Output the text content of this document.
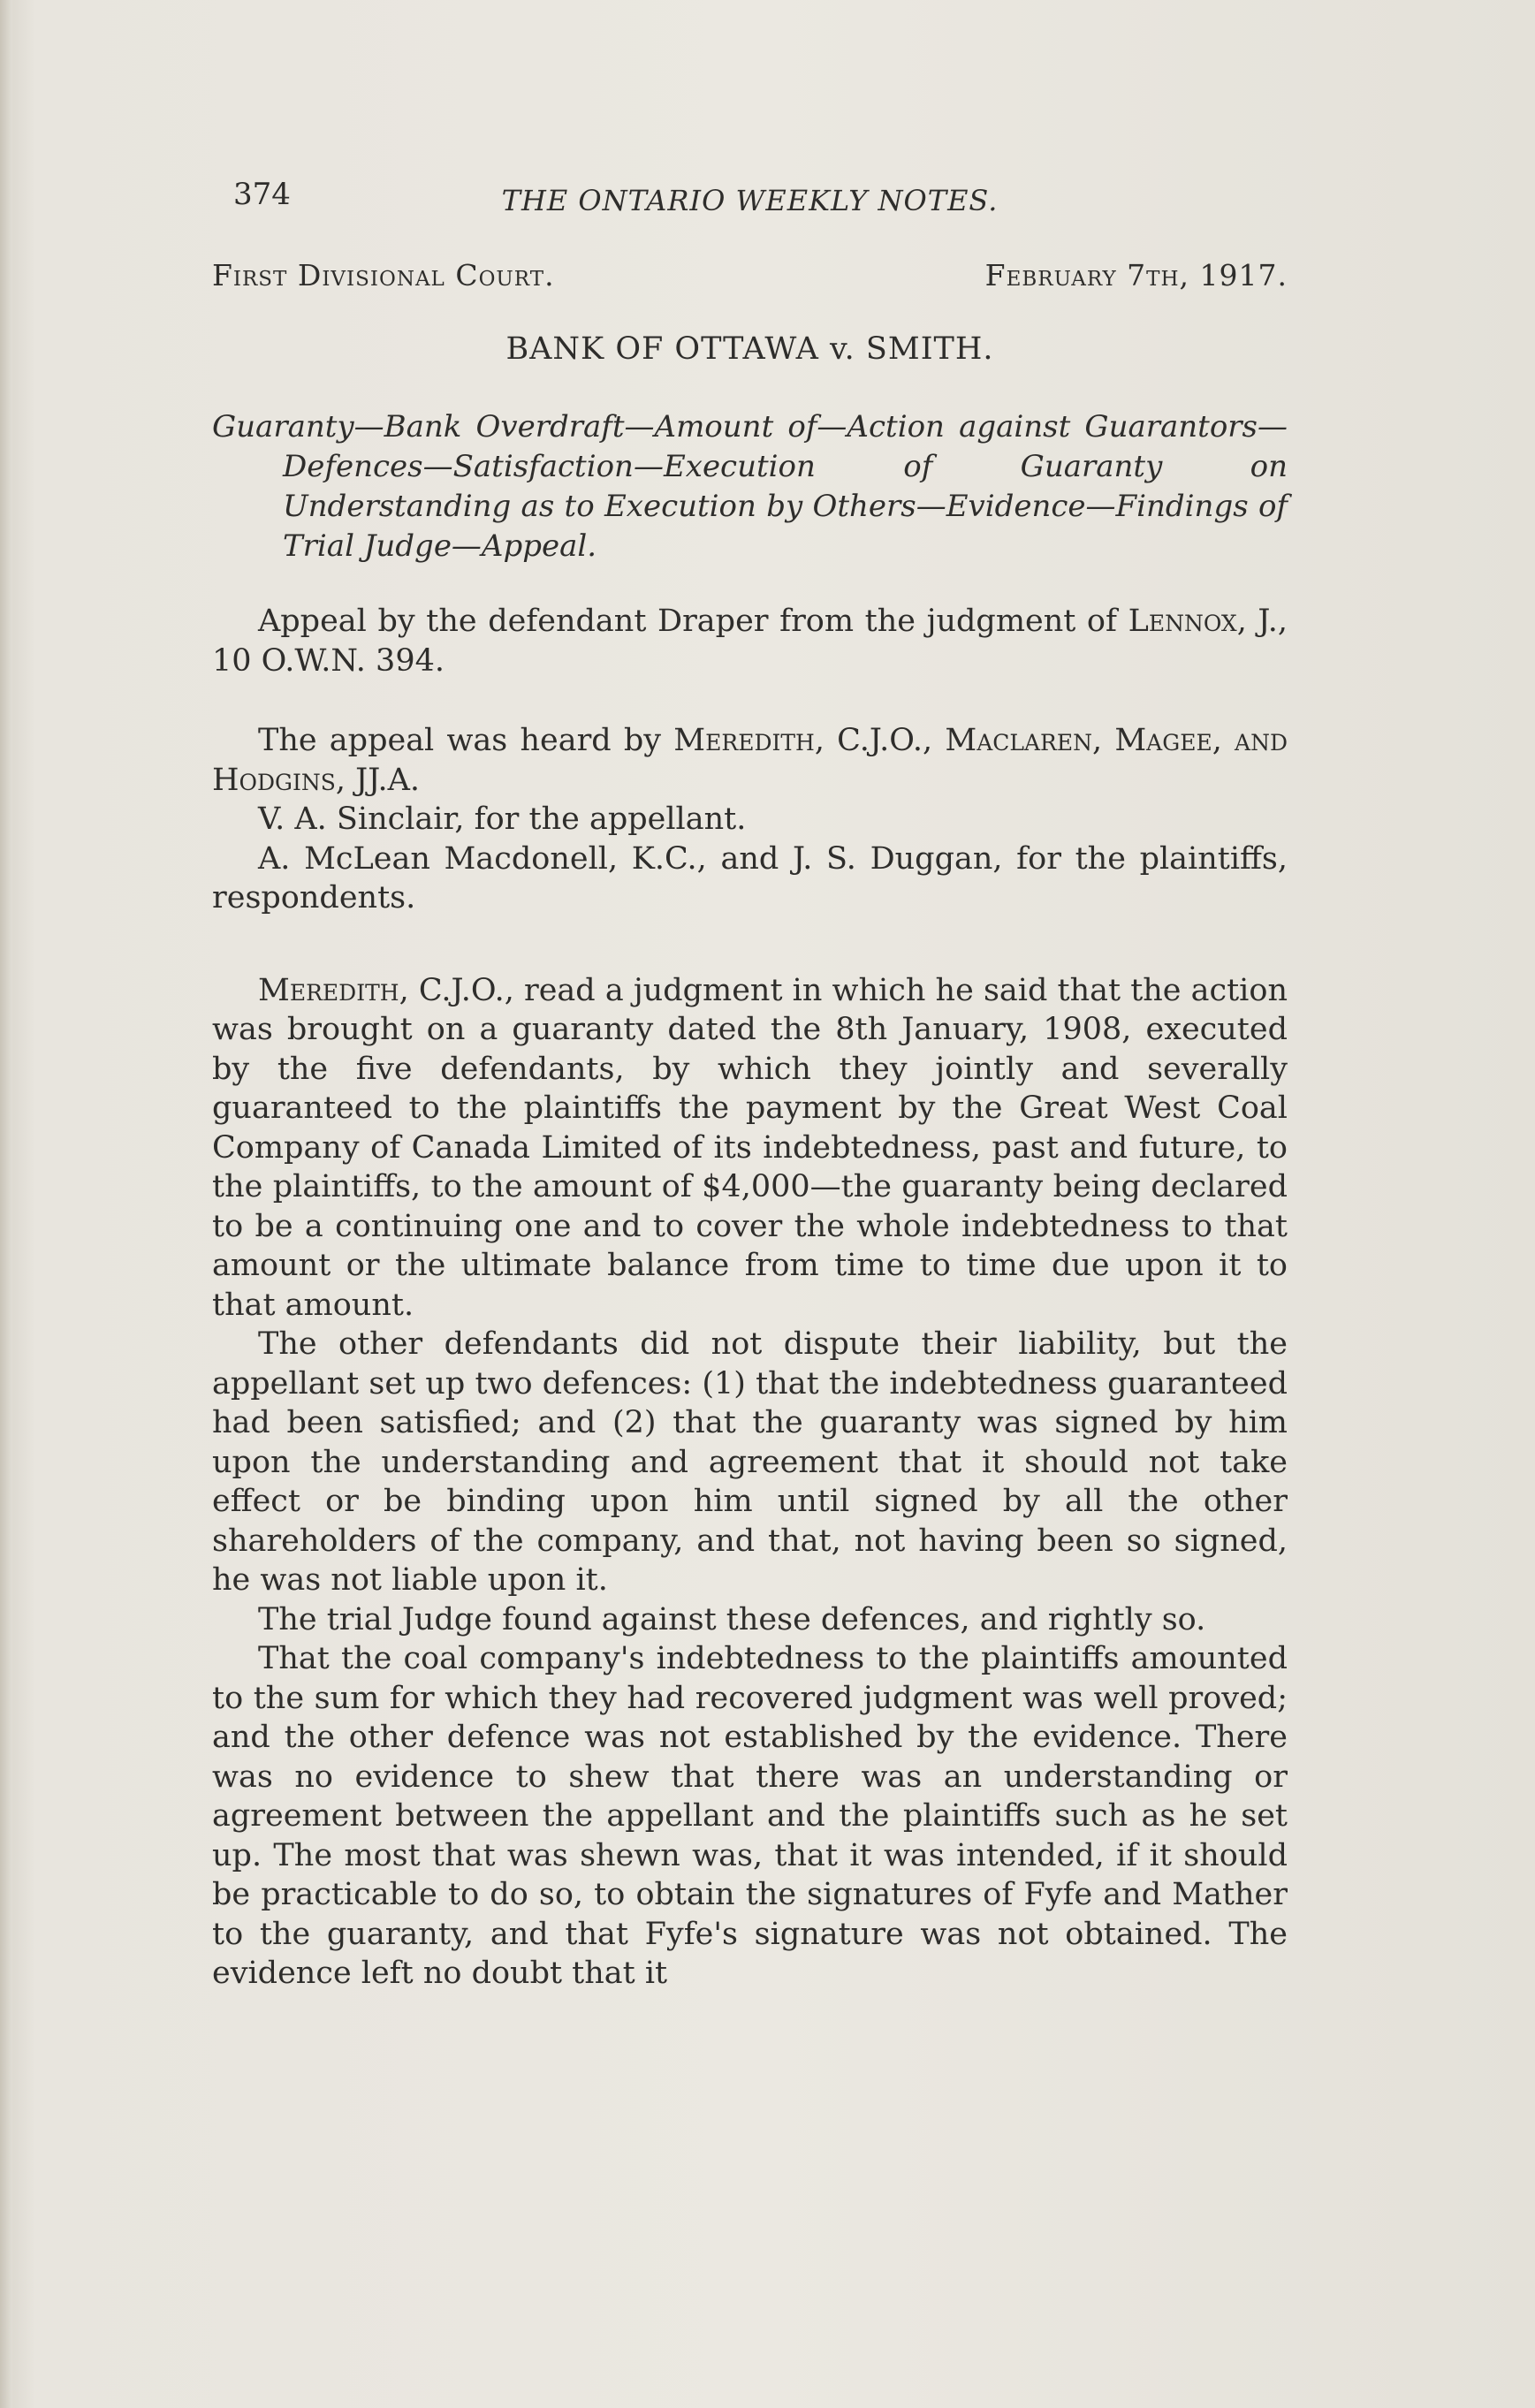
374	THE ONTARIO WEEKLY NOTES.
First Divisional Court.	February 7th, 1917.
BANK OF OTTAWA v. SMITH.

Guaranty—Bank Overdraft—Amount of—Action against Guarantors—Defences—Satisfaction—Execution of Guaranty on Understanding as to Execution by Others—Evidence—Findings of Trial Judge—Appeal.

Appeal by the defendant Draper from the judgment of Lennox, J., 10 O.W.N. 394.

The appeal was heard by Meredith, C.J.O., Maclaren, Magee, and Hodgins, JJ.A.

V. A. Sinclair, for the appellant.

A. McLean Macdonell, K.C., and J. S. Duggan, for the plaintiffs, respondents.

Meredith, C.J.O., read a judgment in which he said that the action was brought on a guaranty dated the 8th January, 1908, executed by the five defendants, by which they jointly and severally guaranteed to the plaintiffs the payment by the Great West Coal Company of Canada Limited of its indebtedness, past and future, to the plaintiffs, to the amount of $4,000—the guaranty being declared to be a continuing one and to cover the whole indebtedness to that amount or the ultimate balance from time to time due upon it to that amount.

The other defendants did not dispute their liability, but the appellant set up two defences: (1) that the indebtedness guaranteed had been satisfied; and (2) that the guaranty was signed by him upon the understanding and agreement that it should not take effect or be binding upon him until signed by all the other shareholders of the company, and that, not having been so signed, he was not liable upon it.

The trial Judge found against these defences, and rightly so.

That the coal company's indebtedness to the plaintiffs amounted to the sum for which they had recovered judgment was well proved; and the other defence was not established by the evidence. There was no evidence to shew that there was an understanding or agreement between the appellant and the plaintiffs such as he set up. The most that was shewn was, that it was intended, if it should be practicable to do so, to obtain the signatures of Fyfe and Mather to the guaranty, and that Fyfe's signature was not obtained. The evidence left no doubt that it
